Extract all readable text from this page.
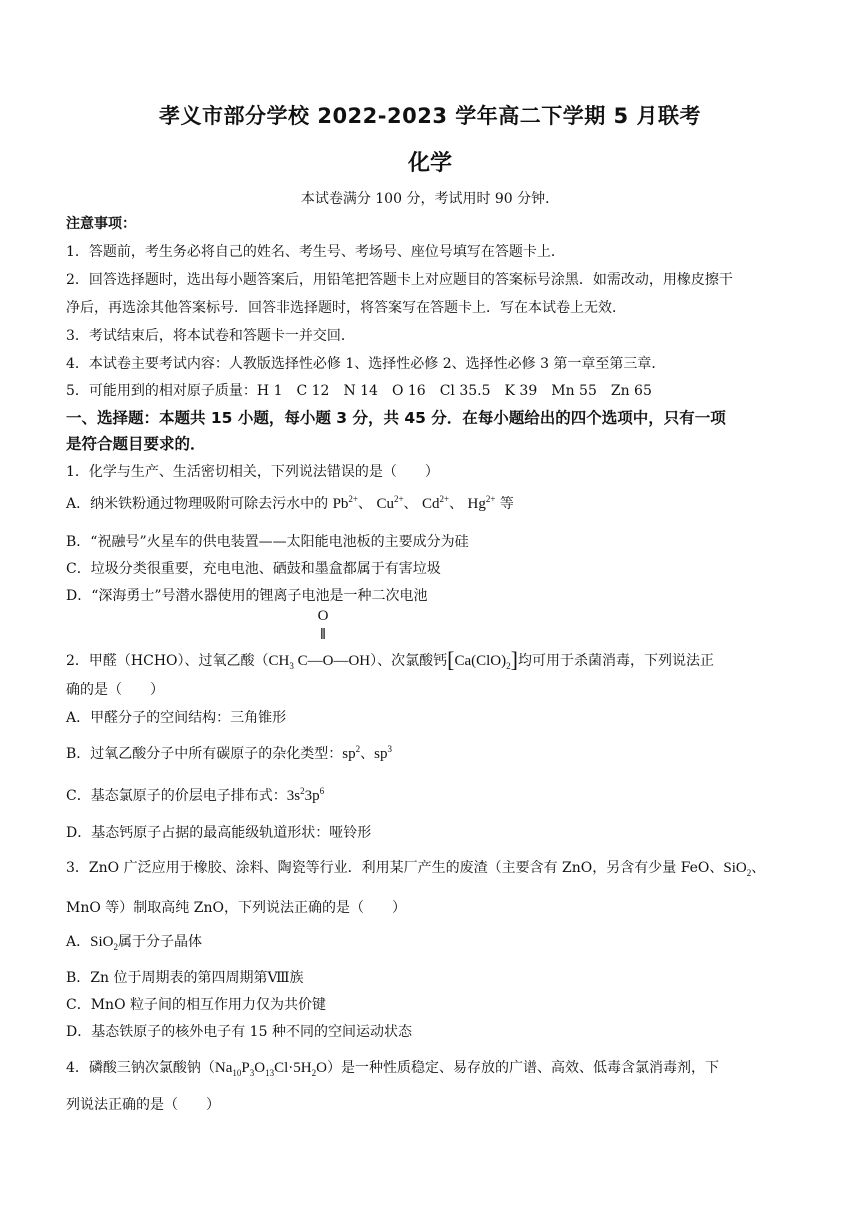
孝义市部分学校 2022-2023 学年高二下学期 5 月联考
化学
本试卷满分 100 分，考试用时 90 分钟．
注意事项：
1．答题前，考生务必将自己的姓名、考生号、考场号、座位号填写在答题卡上．
2．回答选择题时，选出每小题答案后，用铅笔把答题卡上对应题目的答案标号涂黑．如需改动，用橡皮擦干
净后，再选涂其他答案标号．回答非选择题时，将答案写在答题卡上．写在本试卷上无效．
3．考试结束后，将本试卷和答题卡一并交回．
4．本试卷主要考试内容：人教版选择性必修 1、选择性必修 2、选择性必修 3 第一章至第三章．
5．可能用到的相对原子质量：H 1　C 12　N 14　O 16　Cl 35.5　K 39　Mn 55　Zn 65
一、选择题：本题共 15 小题，每小题 3 分，共 45 分．在每小题给出的四个选项中，只有一项
是符合题目要求的．
1．化学与生产、生活密切相关，下列说法错误的是（　　）
A．纳米铁粉通过物理吸附可除去污水中的 $Pb^{2+}$、 $Cu^{2+}$、 $Cd^{2+}$、 $Hg^{2+}$ 等
B．“祝融号”火星车的供电装置——太阳能电池板的主要成分为硅
C．垃圾分类很重要，充电电池、硒鼓和墨盒都属于有害垃圾
D．“深海勇士”号潜水器使用的锂离子电池是一种二次电池
O
‖
2．甲醛（HCHO）、过氧乙酸（$CH_3$ C—O—OH）、次氯酸钙$[Ca(ClO)_2]$均可用于杀菌消毒，下列说法正
确的是（　　）
A．甲醛分子的空间结构：三角锥形
B．过氧乙酸分子中所有碳原子的杂化类型：$sp^2$、$sp^3$
C．基态氯原子的价层电子排布式：$3s^23p^6$
D．基态钙原子占据的最高能级轨道形状：哑铃形
3．ZnO 广泛应用于橡胶、涂料、陶瓷等行业．利用某厂产生的废渣（主要含有 ZnO，另含有少量 FeO、SiO$_2$、
MnO 等）制取高纯 ZnO，下列说法正确的是（　　）
A．SiO$_2$属于分子晶体
B．Zn 位于周期表的第四周期第Ⅷ族
C．MnO 粒子间的相互作用力仅为共价键
D．基态铁原子的核外电子有 15 种不同的空间运动状态
4．磷酸三钠次氯酸钠$(Na_{10}P_3O_{13}Cl\cdot 5H_2O)$是一种性质稳定、易存放的广谱、高效、低毒含氯消毒剂，下
列说法正确的是（　　）
